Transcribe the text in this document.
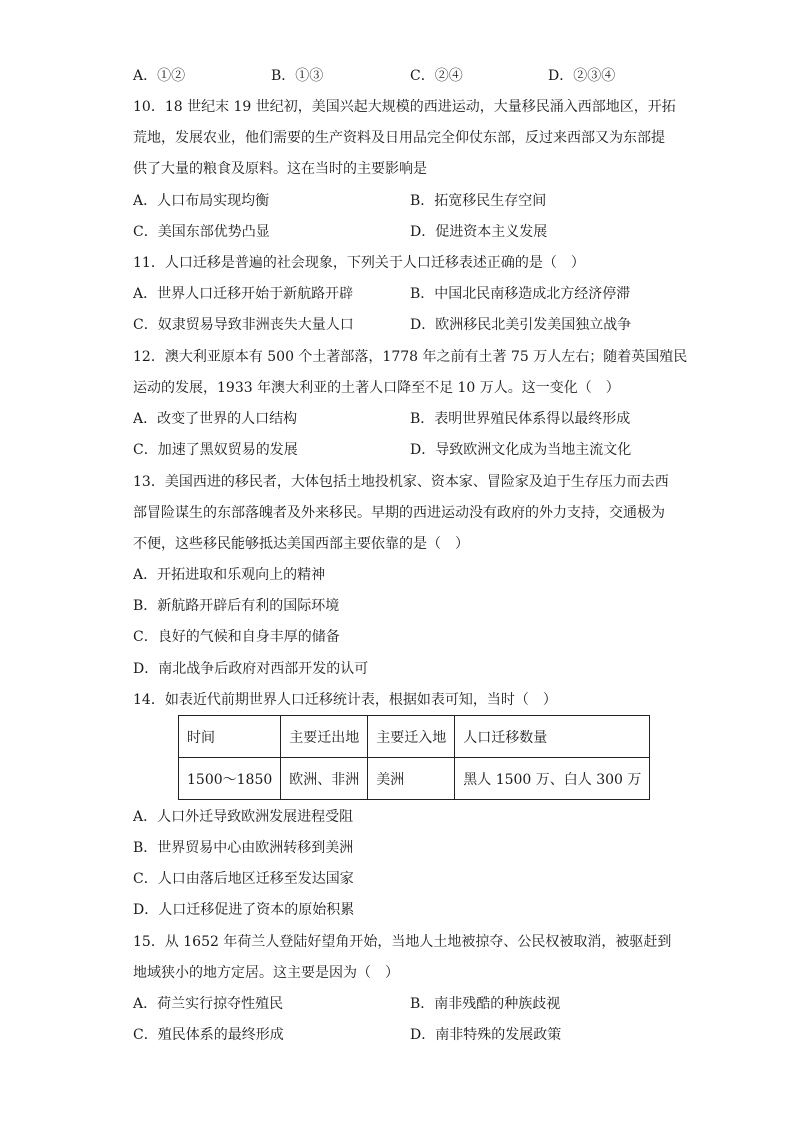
A．①②	B．①③	C．②④	D．②③④
10．18 世纪末 19 世纪初，美国兴起大规模的西进运动，大量移民涌入西部地区，开拓
荒地，发展农业，他们需要的生产资料及日用品完全仰仗东部，反过来西部又为东部提
供了大量的粮食及原料。这在当时的主要影响是
A．人口布局实现均衡	B．拓宽移民生存空间
C．美国东部优势凸显	D．促进资本主义发展
11．人口迁移是普遍的社会现象，下列关于人口迁移表述正确的是（　）
A．世界人口迁移开始于新航路开辟	B．中国北民南移造成北方经济停滞
C．奴隶贸易导致非洲丧失大量人口	D．欧洲移民北美引发美国独立战争
12．澳大利亚原本有 500 个土著部落，1778 年之前有土著 75 万人左右；随着英国殖民
运动的发展，1933 年澳大利亚的土著人口降至不足 10 万人。这一变化（　）
A．改变了世界的人口结构	B．表明世界殖民体系得以最终形成
C．加速了黑奴贸易的发展	D．导致欧洲文化成为当地主流文化
13．美国西进的移民者，大体包括土地投机家、资本家、冒险家及迫于生存压力而去西
部冒险谋生的东部落魄者及外来移民。早期的西进运动没有政府的外力支持，交通极为
不便，这些移民能够抵达美国西部主要依靠的是（　）
A．开拓进取和乐观向上的精神
B．新航路开辟后有利的国际环境
C．良好的气候和自身丰厚的储备
D．南北战争后政府对西部开发的认可
14．如表近代前期世界人口迁移统计表，根据如表可知，当时（　）
时间	主要迁出地	主要迁入地	人口迁移数量
1500～1850	欧洲、非洲	美洲	黑人 1500 万、白人 300 万
A．人口外迁导致欧洲发展进程受阻
B．世界贸易中心由欧洲转移到美洲
C．人口由落后地区迁移至发达国家
D．人口迁移促进了资本的原始积累
15．从 1652 年荷兰人登陆好望角开始，当地人土地被掠夺、公民权被取消，被驱赶到
地域狭小的地方定居。这主要是因为（　）
A．荷兰实行掠夺性殖民	B．南非残酷的种族歧视
C．殖民体系的最终形成	D．南非特殊的发展政策
